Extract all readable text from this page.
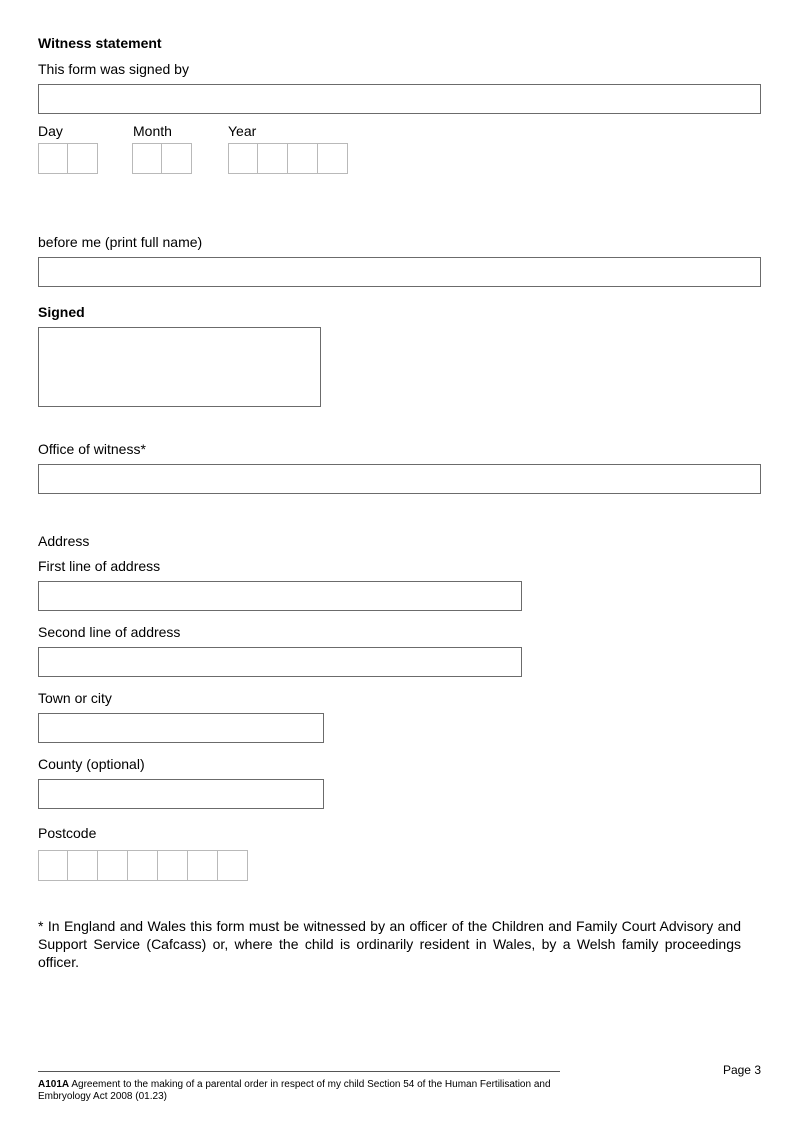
Witness statement
This form was signed by
Day	Month	Year
before me (print full name)
Signed
Office of witness*
Address
First line of address
Second line of address
Town or city
County (optional)
Postcode
* In England and Wales this form must be witnessed by an officer of the Children and Family Court Advisory and Support Service (Cafcass) or, where the child is ordinarily resident in Wales, by a Welsh family proceedings officer.
Page 3
A101A Agreement to the making of a parental order in respect of my child Section 54 of the Human Fertilisation and Embryology Act 2008 (01.23)
